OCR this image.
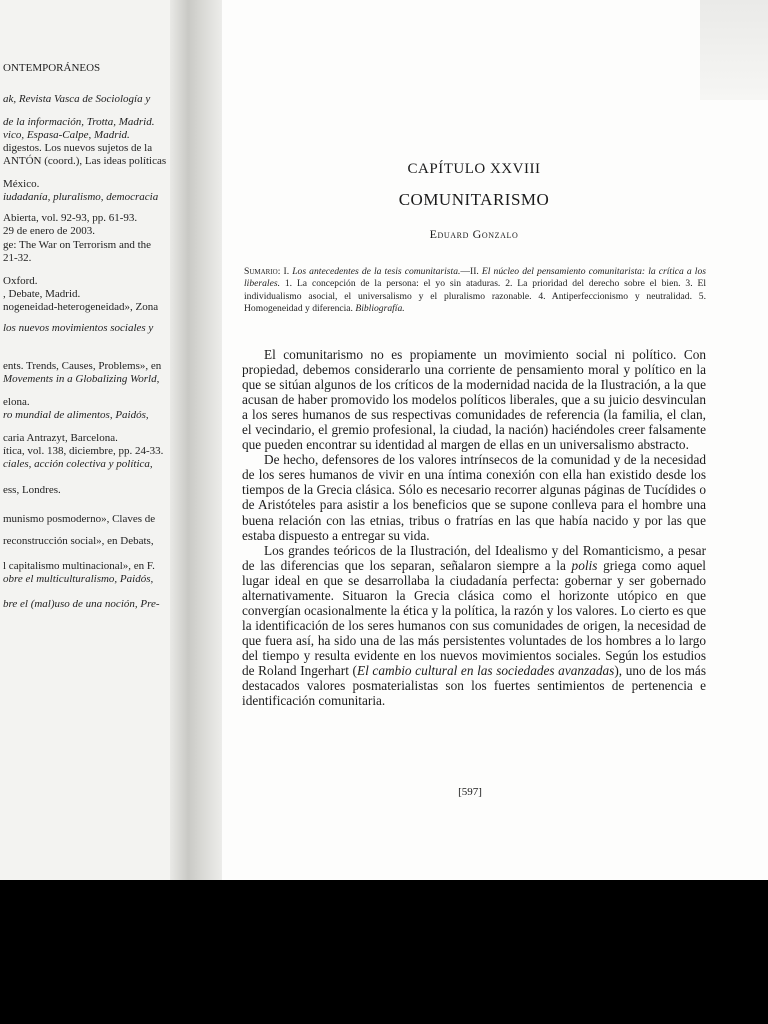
ONTEMPORÁNEOS
ak, Revista Vasca de Sociología y
de la información, Trotta, Madrid.
vico, Espasa-Calpe, Madrid.
digestos. Los nuevos sujetos de la
ANTÓN (coord.), Las ideas políticas
México.
iudadanía, pluralismo, democracia
Abierta, vol. 92-93, pp. 61-93.
29 de enero de 2003.
ge: The War on Terrorism and the
21-32.
Oxford.
, Debate, Madrid.
nogeneidad-heterogeneidad», Zona
los nuevos movimientos sociales y
ents. Trends, Causes, Problems», en
Movements in a Globalizing World,
elona.
ro mundial de alimentos, Paidós,
caria Antrazyt, Barcelona.
ítica, vol. 138, diciembre, pp. 24-33.
ciales, acción colectiva y política,
ess, Londres.
munismo posmoderno», Claves de
reconstrucción social», en Debats,
l capitalismo multinacional», en F.
obre el multiculturalismo, Paidós,
bre el (mal)uso de una noción, Pre-
CAPÍTULO XXVIII
COMUNITARISMO
Eduard Gonzalo
Sumario: I. Los antecedentes de la tesis comunitarista.—II. El núcleo del pensamiento comunitarista: la crítica a los liberales. 1. La concepción de la persona: el yo sin ataduras. 2. La prioridad del derecho sobre el bien. 3. El individualismo asocial, el universalismo y el pluralismo razonable. 4. Antiperfeccionismo y neutralidad. 5. Homogeneidad y diferencia. Bibliografía.

El comunitarismo no es propiamente un movimiento social ni político. Con propiedad, debemos considerarlo una corriente de pensamiento moral y político en la que se sitúan algunos de los críticos de la modernidad nacida de la Ilustración, a la que acusan de haber promovido los modelos políticos liberales, que a su juicio desvinculan a los seres humanos de sus respectivas comunidades de referencia (la familia, el clan, el vecindario, el gremio profesional, la ciudad, la nación) haciéndoles creer falsamente que pueden encontrar su identidad al margen de ellas en un universalismo abstracto.

De hecho, defensores de los valores intrínsecos de la comunidad y de la necesidad de los seres humanos de vivir en una íntima conexión con ella han existido desde los tiempos de la Grecia clásica. Sólo es necesario recorrer algunas páginas de Tucídides o de Aristóteles para asistir a los beneficios que se supone conlleva para el hombre una buena relación con las etnias, tribus o fratrías en las que había nacido y por las que estaba dispuesto a entregar su vida.

Los grandes teóricos de la Ilustración, del Idealismo y del Romanticismo, a pesar de las diferencias que los separan, señalaron siempre a la polis griega como aquel lugar ideal en que se desarrollaba la ciudadanía perfecta: gobernar y ser gobernado alternativamente. Situaron la Grecia clásica como el horizonte utópico en que convergían ocasionalmente la ética y la política, la razón y los valores. Lo cierto es que la identificación de los seres humanos con sus comunidades de origen, la necesidad de que fuera así, ha sido una de las más persistentes voluntades de los hombres a lo largo del tiempo y resulta evidente en los nuevos movimientos sociales. Según los estudios de Roland Ingerhart (El cambio cultural en las sociedades avanzadas), uno de los más destacados valores posmaterialistas son los fuertes sentimientos de pertenencia e identificación comunitaria.

[597]
